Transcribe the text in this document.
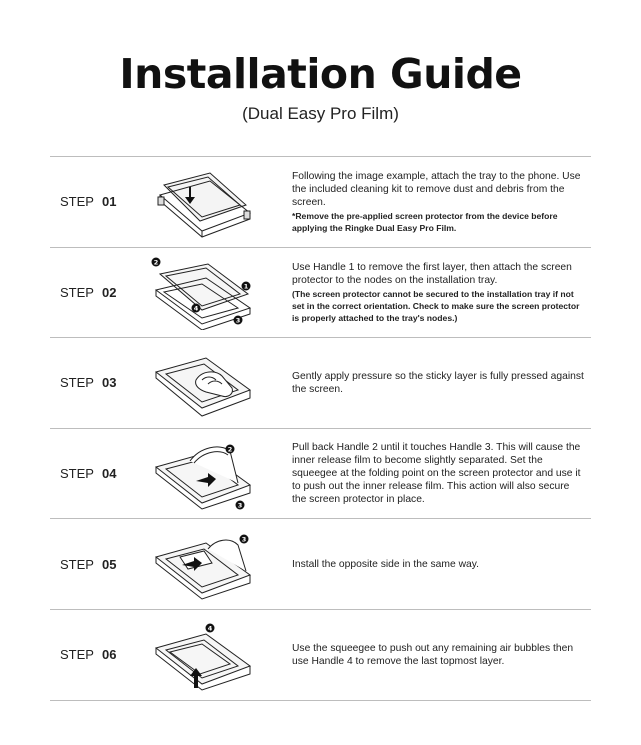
Installation Guide
(Dual Easy Pro Film)
STEP 01
Following the image example, attach the tray to the phone. Use the included cleaning kit to remove dust and debris from the screen.
*Remove the pre-applied screen protector from the device before applying the Ringke Dual Easy Pro Film.
STEP 02
2
1
4
3
Use Handle 1 to remove the first layer, then attach the screen protector to the nodes on the installation tray.
(The screen protector cannot be secured to the installation tray if not set in the correct orientation. Check to make sure the screen protector is properly attached to the tray's nodes.)
STEP 03	Gently apply pressure so the sticky layer is fully pressed against the screen.
STEP 04
2
3
Pull back Handle 2 until it touches Handle 3. This will cause the inner release film to become slightly separated. Set the squeegee at the folding point on the screen protector and use it to push out the inner release film. This action will also secure the screen protector in place.
STEP 05
3
Install the opposite side in the same way.
STEP 06
4
Use the squeegee to push out any remaining air bubbles then use Handle 4 to remove the last topmost layer.
